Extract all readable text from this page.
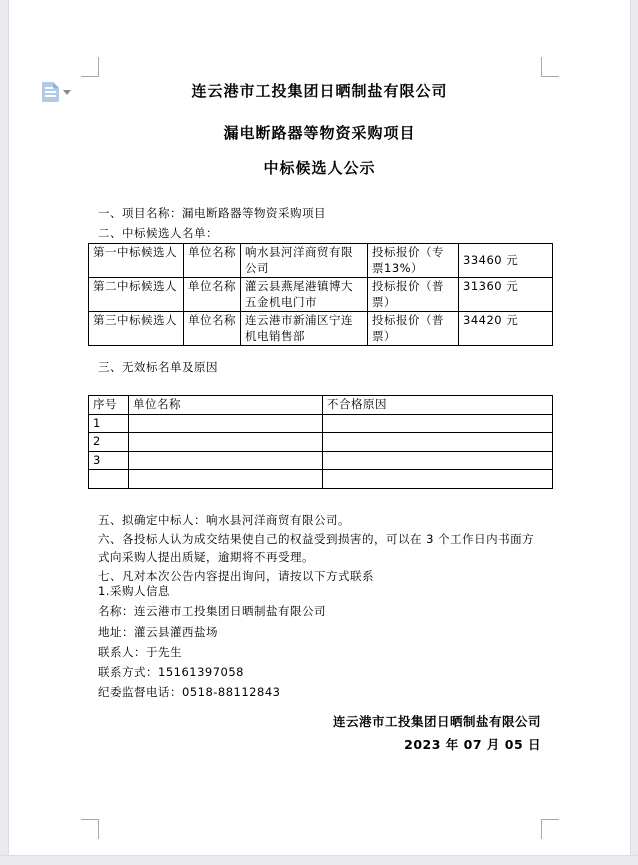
连云港市工投集团日晒制盐有限公司
漏电断路器等物资采购项目
中标候选人公示
一、项目名称：漏电断路器等物资采购项目
二、中标候选人名单：
第一中标候选人	单位名称	响水县河洋商贸有限公司	投标报价（专票13%）	33460 元
第二中标候选人	单位名称	灌云县燕尾港镇博大五金机电门市	投标报价（普票）	31360 元
第三中标候选人	单位名称	连云港市新浦区宁连机电销售部	投标报价（普票）	34420 元
三、无效标名单及原因
序号	单位名称	不合格原因
1		
2		
3		

五、拟确定中标人：响水县河洋商贸有限公司。
六、各投标人认为成交结果使自己的权益受到损害的，可以在 3 个工作日内书面方式向采购人提出质疑，逾期将不再受理。
七、凡对本次公告内容提出询问，请按以下方式联系
1.采购人信息
名称：连云港市工投集团日晒制盐有限公司
地址：灌云县灌西盐场
联系人：于先生
联系方式：15161397058
纪委监督电话：0518-88112843
连云港市工投集团日晒制盐有限公司
2023 年 07 月 05 日
